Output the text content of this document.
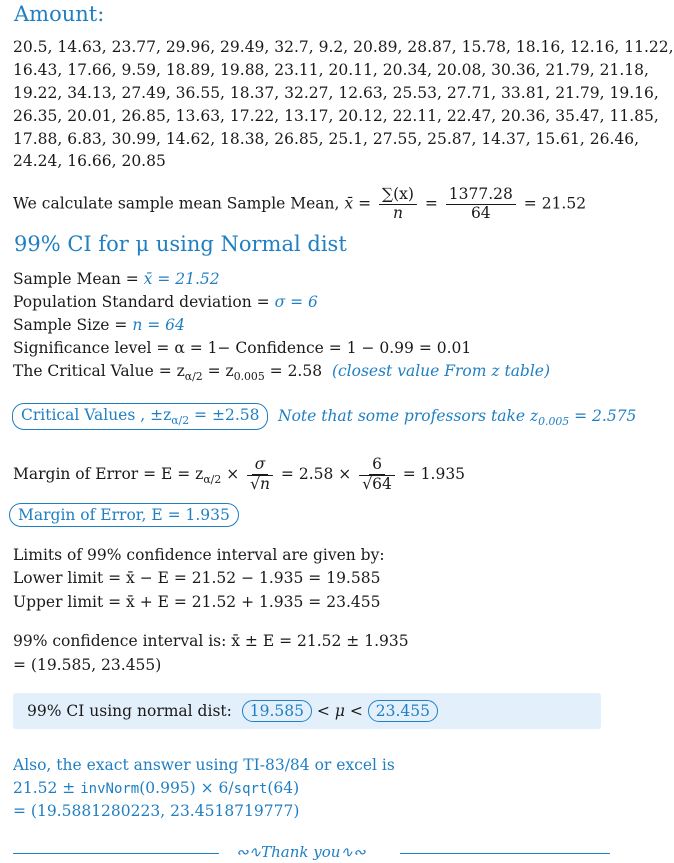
Amount:
20.5, 14.63, 23.77, 29.96, 29.49, 32.7, 9.2, 20.89, 28.87, 15.78, 18.16, 12.16, 11.22,
16.43, 17.66, 9.59, 18.89, 19.88, 23.11, 20.11, 20.34, 20.08, 30.36, 21.79, 21.18,
19.22, 34.13, 27.49, 36.55, 18.37, 32.27, 12.63, 25.53, 27.71, 33.81, 21.79, 19.16,
26.35, 20.01, 26.85, 13.63, 17.22, 13.17, 20.12, 22.11, 22.47, 20.36, 35.47, 11.85,
17.88, 6.83, 30.99, 14.62, 18.38, 26.85, 25.1, 27.55, 25.87, 14.37, 15.61, 26.46,
24.24, 16.66, 20.85
We calculate sample mean Sample Mean, x̄ = $\frac{\sum(x)}{n} = \frac{1377.28}{64} = 21.52$
99% CI for μ using Normal dist
Sample Mean = x̄ = 21.52
Population Standard deviation = σ = 6
Sample Size = n = 64
Significance level = α = 1− Confidence = 1 − 0.99 = 0.01
The Critical Value = $z_{\alpha/2} = z_{0.005} = 2.58$ (closest value From z table)
Critical Values , $\pm z_{\alpha/2} = \pm 2.58$	Note that some professors take $z_{0.005} = 2.575$
Margin of Error = $E = z_{\alpha/2} \times \frac{\sigma}{√n} = 2.58 \times \frac{6}{√64} = 1.935$
Margin of Error, E = 1.935
Limits of 99% confidence interval are given by:
Lower limit = x̄ − E = 21.52 − 1.935 = 19.585
Upper limit = x̄ + E = 21.52 + 1.935 = 23.455
99% confidence interval is: x̄ ± E = 21.52 ± 1.935
= (19.585, 23.455)
99% CI using normal dist: 19.585 < μ < 23.455
Also, the exact answer using TI-83/84 or excel is
21.52 ± invNorm(0.995) × 6/sqrt(64)
= (19.5881280223, 23.4518719777)
∾∿Thank you∿∾
